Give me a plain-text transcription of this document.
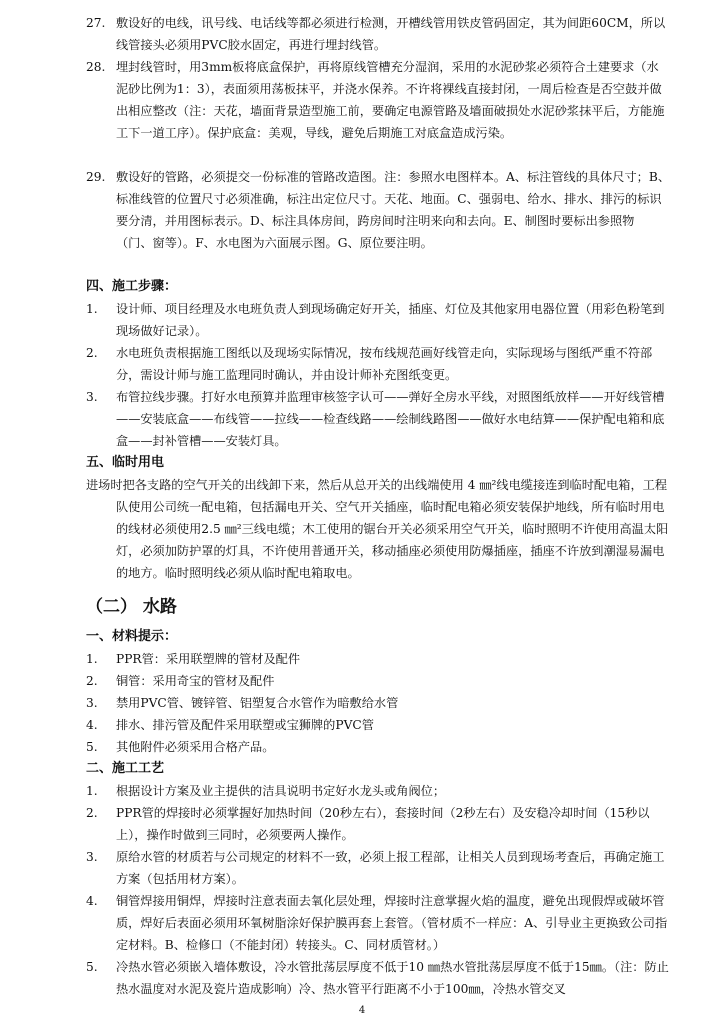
27. 敷设好的电线，讯号线、电话线等都必须进行检测，开槽线管用铁皮管码固定，其为间距60CM，所以线管接头必须用PVC胶水固定，再进行埋封线管。

28. 埋封线管时，用3mm板将底盒保护，再将原线管槽充分湿润，采用的水泥砂浆必须符合土建要求（水泥砂比例为1：3），表面须用荡板抹平，并浇水保养。不许将裸线直接封闭，一周后检查是否空鼓并做出相应整改（注：天花，墙面背景造型施工前，要确定电源管路及墙面破损处水泥砂浆抹平后，方能施工下一道工序）。保护底盒：美观，导线，避免后期施工对底盒造成污染。

29. 敷设好的管路，必须提交一份标准的管路改造图。注：参照水电图样本。A、标注管线的具体尺寸；B、标准线管的位置尺寸必须准确，标注出定位尺寸。天花、地面。C、强弱电、给水、排水、排污的标识要分清，并用图标表示。D、标注具体房间，跨房间时注明来向和去向。E、制图时要标出参照物（门、窗等）。F、水电图为六面展示图。G、原位要注明。

四、施工步骤：
1.	设计师、项目经理及水电班负责人到现场确定好开关，插座、灯位及其他家用电器位置（用彩色粉笔到现场做好记录）。

2.	水电班负责根据施工图纸以及现场实际情况，按布线规范画好线管走向，实际现场与图纸严重不符部分，需设计师与施工监理同时确认，并由设计师补充图纸变更。

3.	布管拉线步骤。打好水电预算并监理审核签字认可——弹好全房水平线，对照图纸放样——开好线管槽——安装底盒——布线管——拉线——检查线路——绘制线路图——做好水电结算——保护配电箱和底盒——封补管槽——安装灯具。

五、临时用电

进场时把各支路的空气开关的出线卸下来，然后从总开关的出线端使用 4 ㎜²线电缆接连到临时配电箱，工程队使用公司统一配电箱，包括漏电开关、空气开关插座，临时配电箱必须安装保护地线，所有临时用电的线材必须使用2.5 ㎜²三线电缆；木工使用的锯台开关必须采用空气开关，临时照明不许使用高温太阳灯，必须加防护罩的灯具，不许使用普通开关，移动插座必须使用防爆插座，插座不许放到潮湿易漏电的地方。临时照明线必须从临时配电箱取电。

（二） 水路
一、材料提示：
1.	PPR管：采用联塑牌的管材及配件

2.	铜管：采用奇宝的管材及配件

3.	禁用PVC管、镀锌管、铝塑复合水管作为暗敷给水管

4.	排水、排污管及配件采用联塑或宝狮牌的PVC管

5.	其他附件必须采用合格产品。

二、施工工艺
1.	根据设计方案及业主提供的洁具说明书定好水龙头或角阀位；

2.	PPR管的焊接时必须掌握好加热时间（20秒左右），套接时间（2秒左右）及安稳冷却时间（15秒以上），操作时做到三同时，必须要两人操作。

3.	原给水管的材质若与公司规定的材料不一致，必须上报工程部，让相关人员到现场考查后，再确定施工方案（包括用材方案）。

4.	铜管焊接用铜焊，焊接时注意表面去氧化层处理，焊接时注意掌握火焰的温度，避免出现假焊或破坏管质，焊好后表面必须用环氧树脂涂好保护膜再套上套管。（管材质不一样应：A、引导业主更换致公司指定材料。B、检修口（不能封闭）转接头。C、同材质管材。）

5.	冷热水管必须嵌入墙体敷设，冷水管批荡层厚度不低于10 ㎜热水管批荡层厚度不低于15㎜。（注：防止热水温度对水泥及瓷片造成影响）冷、热水管平行距离不小于100㎜，冷热水管交叉

4
